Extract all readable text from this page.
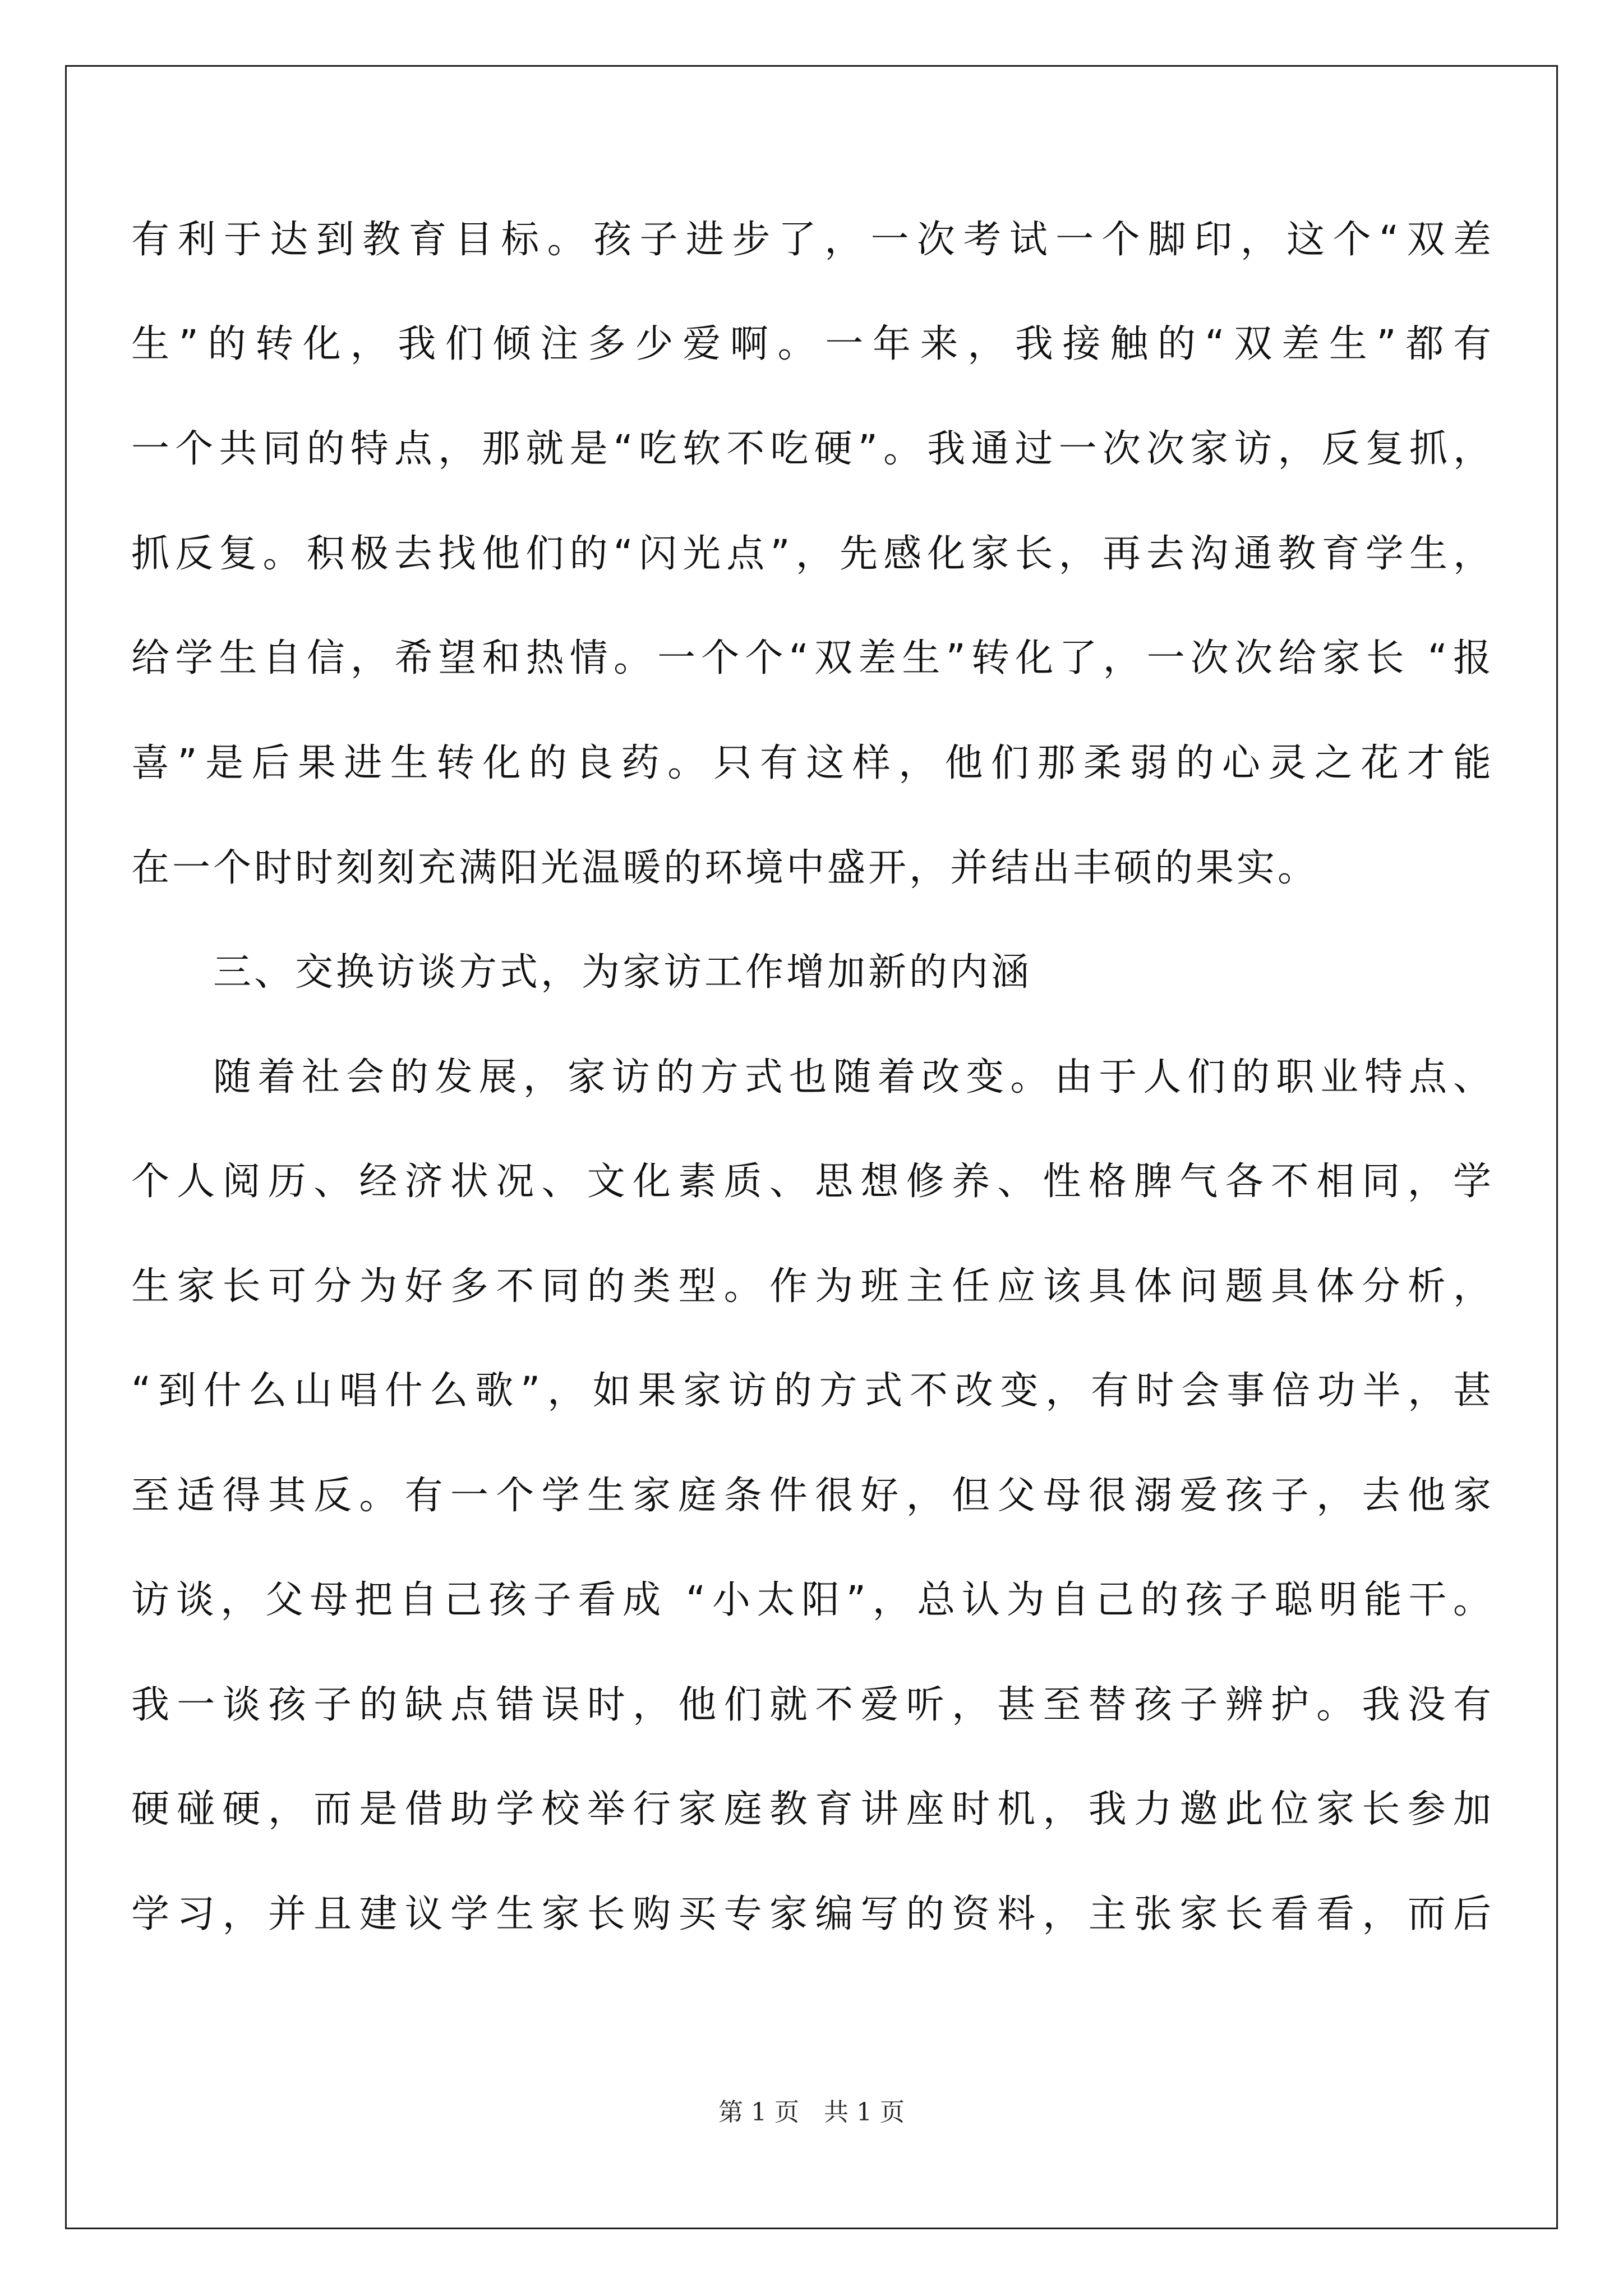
有利于达到教育目标。孩子进步了，一次考试一个脚印，这个“双差
生”的转化，我们倾注多少爱啊。一年来，我接触的“双差生”都有
一个共同的特点，那就是“吃软不吃硬”。我通过一次次家访，反复抓，
抓反复。积极去找他们的“闪光点”，先感化家长，再去沟通教育学生，
给学生自信，希望和热情。一个个“双差生”转化了，一次次给家长 “报
喜”是后果进生转化的良药。只有这样，他们那柔弱的心灵之花才能
在一个时时刻刻充满阳光温暖的环境中盛开，并结出丰硕的果实。
三、交换访谈方式，为家访工作增加新的内涵
随着社会的发展，家访的方式也随着改变。由于人们的职业特点、
个人阅历、经济状况、文化素质、思想修养、性格脾气各不相同，学
生家长可分为好多不同的类型。作为班主任应该具体问题具体分析，
“到什么山唱什么歌”，如果家访的方式不改变，有时会事倍功半，甚
至适得其反。有一个学生家庭条件很好，但父母很溺爱孩子，去他家
访谈，父母把自己孩子看成 “小太阳”，总认为自己的孩子聪明能干。
我一谈孩子的缺点错误时，他们就不爱听，甚至替孩子辨护。我没有
硬碰硬，而是借助学校举行家庭教育讲座时机，我力邀此位家长参加
学习，并且建议学生家长购买专家编写的资料，主张家长看看，而后
第 1 页　共 1 页
